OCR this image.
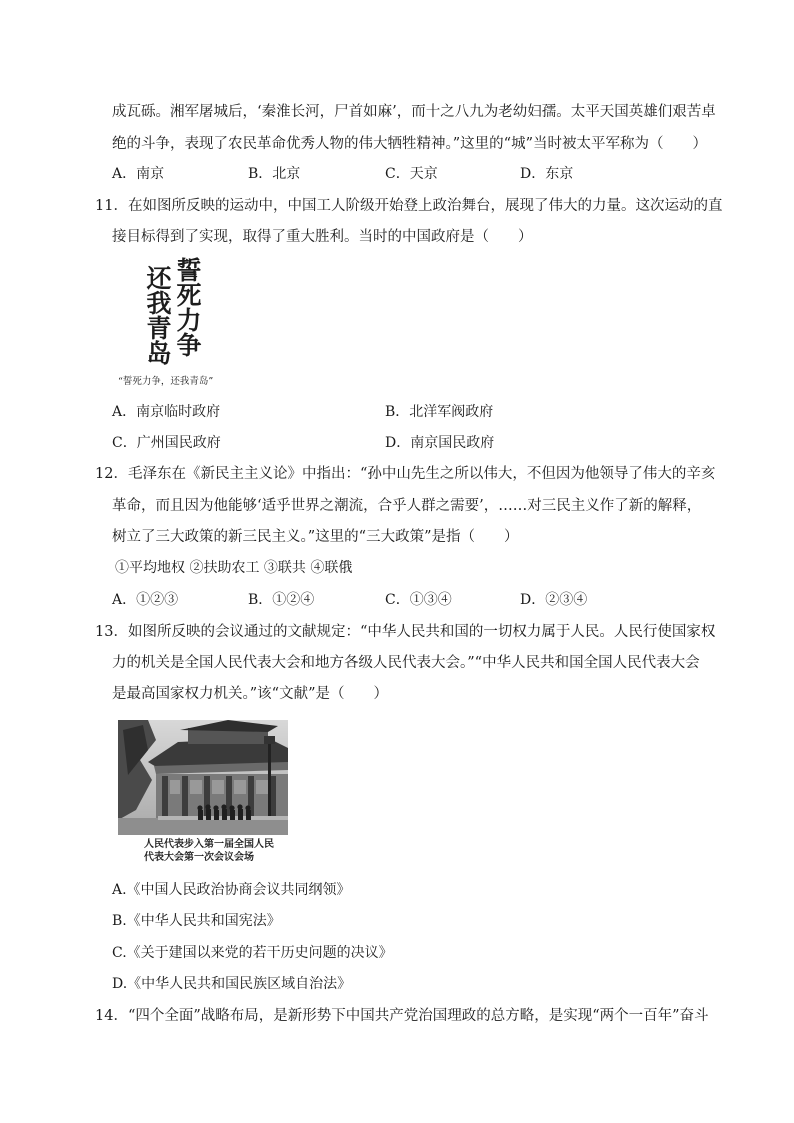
成瓦砾。湘军屠城后，‘秦淮长河，尸首如麻’，而十之八九为老幼妇孺。太平天国英雄们艰苦卓
绝的斗争，表现了农民革命优秀人物的伟大牺牲精神。”这里的“城”当时被太平军称为（　　）
A．南京	B．北京	C．天京	D．东京
11．在如图所反映的运动中，中国工人阶级开始登上政治舞台，展现了伟大的力量。这次运动的直
接目标得到了实现，取得了重大胜利。当时的中国政府是（　　）
誓死力争
还我青岛
“誓死力争，还我青岛”
A．南京临时政府	B．北洋军阀政府
C．广州国民政府	D．南京国民政府
12．毛泽东在《新民主主义论》中指出：“孙中山先生之所以伟大，不但因为他领导了伟大的辛亥
革命，而且因为他能够‘适乎世界之潮流，合乎人群之需要’，……对三民主义作了新的解释，
树立了三大政策的新三民主义。”这里的“三大政策”是指（　　）
①平均地权 ②扶助农工 ③联共 ④联俄
A．①②③	B．①②④	C．①③④	D．②③④
13．如图所反映的会议通过的文献规定：“中华人民共和国的一切权力属于人民。人民行使国家权
力的机关是全国人民代表大会和地方各级人民代表大会。”“中华人民共和国全国人民代表大会
是最高国家权力机关。”该“文献”是（　　）
人民代表步入第一届全国人民
代表大会第一次会议会场
A.《中国人民政治协商会议共同纲领》
B.《中华人民共和国宪法》
C.《关于建国以来党的若干历史问题的决议》
D.《中华人民共和国民族区域自治法》
14．“四个全面”战略布局，是新形势下中国共产党治国理政的总方略，是实现“两个一百年”奋斗
